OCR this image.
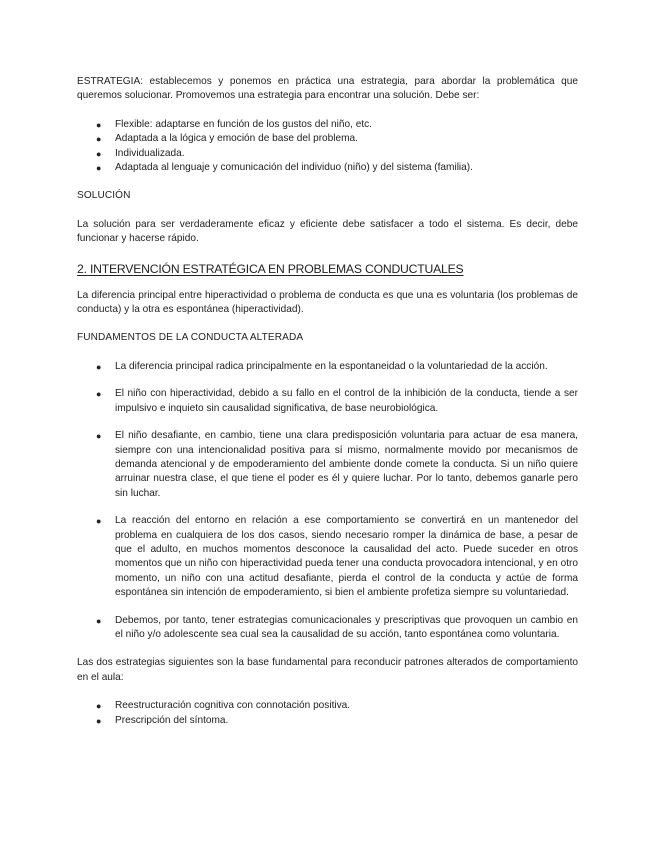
ESTRATEGIA: establecemos y ponemos en práctica una estrategia, para abordar la problemática que queremos solucionar. Promovemos una estrategia para encontrar una solución. Debe ser:

● Flexible: adaptarse en función de los gustos del niño, etc.
● Adaptada a la lógica y emoción de base del problema.
● Individualizada.
● Adaptada al lenguaje y comunicación del individuo (niño) y del sistema (familia).

SOLUCIÓN

La solución para ser verdaderamente eficaz y eficiente debe satisfacer a todo el sistema. Es decir, debe funcionar y hacerse rápido.

2. INTERVENCIÓN ESTRATÉGICA EN PROBLEMAS CONDUCTUALES

La diferencia principal entre hiperactividad o problema de conducta es que una es voluntaria (los problemas de conducta) y la otra es espontánea (hiperactividad).

FUNDAMENTOS DE LA CONDUCTA ALTERADA

● La diferencia principal radica principalmente en la espontaneidad o la voluntariedad de la acción.
● El niño con hiperactividad, debido a su fallo en el control de la inhibición de la conducta, tiende a ser impulsivo e inquieto sin causalidad significativa, de base neurobiológica.
● El niño desafiante, en cambio, tiene una clara predisposición voluntaria para actuar de esa manera, siempre con una intencionalidad positiva para sí mismo, normalmente movido por mecanismos de demanda atencional y de empoderamiento del ambiente donde comete la conducta. Si un niño quiere arruinar nuestra clase, el que tiene el poder es él y quiere luchar. Por lo tanto, debemos ganarle pero sin luchar.
● La reacción del entorno en relación a ese comportamiento se convertirá en un mantenedor del problema en cualquiera de los dos casos, siendo necesario romper la dinámica de base, a pesar de que el adulto, en muchos momentos desconoce la causalidad del acto. Puede suceder en otros momentos que un niño con hiperactividad pueda tener una conducta provocadora intencional, y en otro momento, un niño con una actitud desafiante, pierda el control de la conducta y actúe de forma espontánea sin intención de empoderamiento, si bien el ambiente profetiza siempre su voluntariedad.
● Debemos, por tanto, tener estrategias comunicacionales y prescriptivas que provoquen un cambio en el niño y/o adolescente sea cual sea la causalidad de su acción, tanto espontánea como voluntaria.

Las dos estrategias siguientes son la base fundamental para reconducir patrones alterados de comportamiento en el aula:

● Reestructuración cognitiva con connotación positiva.
● Prescripción del síntoma.
